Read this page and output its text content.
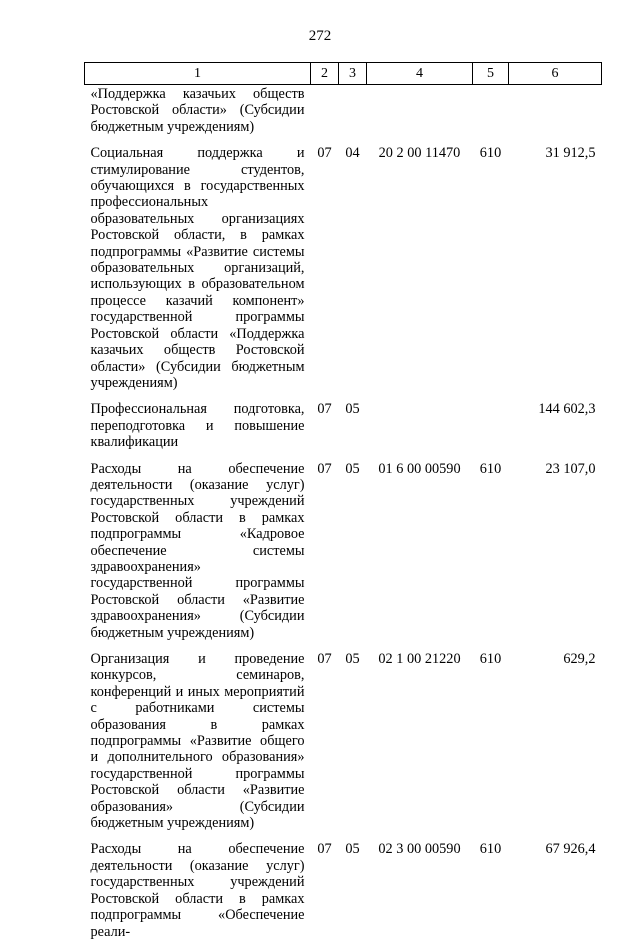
272
1	2	3	4	5	6
«Поддержка казачьих обществ Ростовской области» (Субсидии бюджетным учреждениям)					
Социальная поддержка и стимулирование студентов, обучающихся в государственных профессиональных образовательных организациях Ростовской области, в рамках подпрограммы «Развитие системы образовательных организаций, использующих в образовательном процессе казачий компонент» государственной программы Ростовской области «Поддержка казачьих обществ Ростовской области» (Субсидии бюджетным учреждениям)	07	04	20 2 00 11470	610	31 912,5
Профессиональная подготовка, переподготовка и повышение квалификации	07	05			144 602,3
Расходы на обеспечение деятельности (оказание услуг) государственных учреждений Ростовской области в рамках подпрограммы «Кадровое обеспечение системы здравоохранения» государственной программы Ростовской области «Развитие здравоохранения» (Субсидии бюджетным учреждениям)	07	05	01 6 00 00590	610	23 107,0
Организация и проведение конкурсов, семинаров, конференций и иных мероприятий с работниками системы образования в рамках подпрограммы «Развитие общего и дополнительного образования» государственной программы Ростовской области «Развитие образования» (Субсидии бюджетным учреждениям)	07	05	02 1 00 21220	610	629,2
Расходы на обеспечение деятельности (оказание услуг) государственных учреждений Ростовской области в рамках подпрограммы «Обеспечение реали-	07	05	02 3 00 00590	610	67 926,4
